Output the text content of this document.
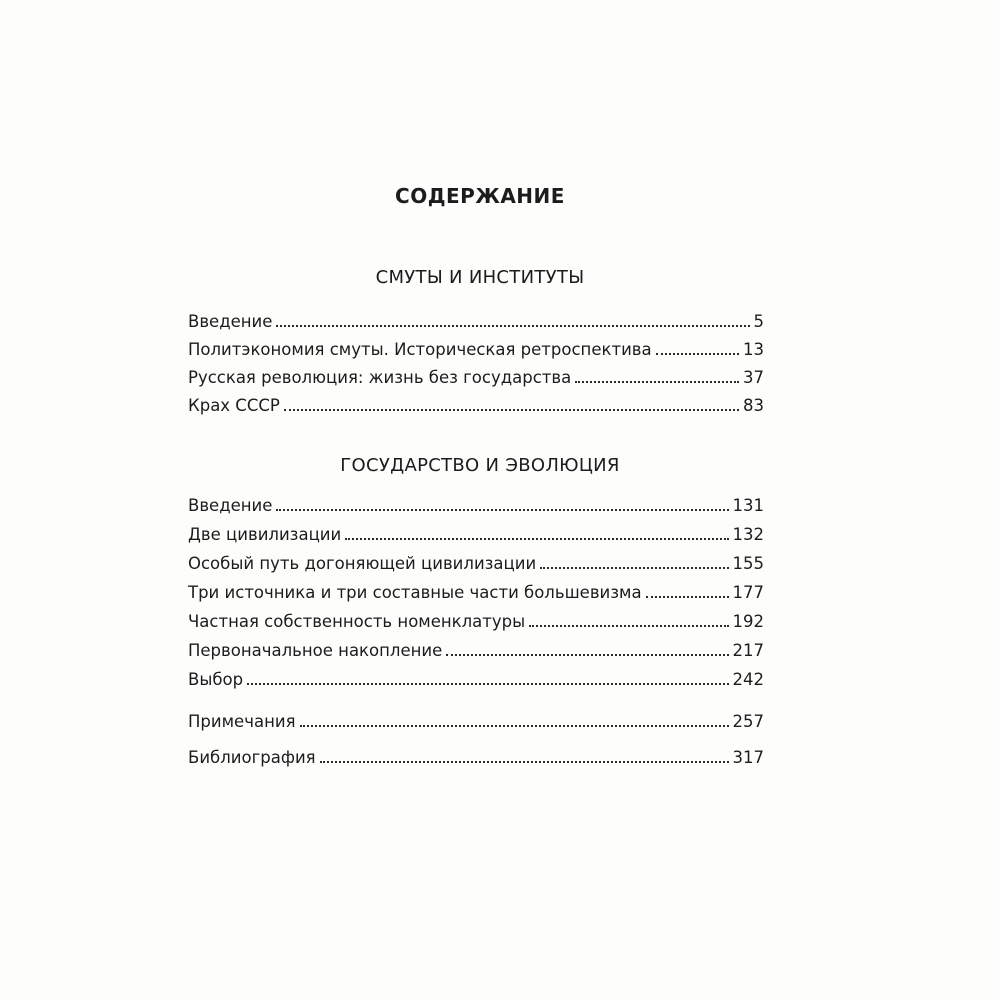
СОДЕРЖАНИЕ
СМУТЫ И ИНСТИТУТЫ
Введение	5
Политэкономия смуты. Историческая ретроспектива	13
Русская революция: жизнь без государства	37
Крах СССР	83
ГОСУДАРСТВО И ЭВОЛЮЦИЯ
Введение	131
Две цивилизации	132
Особый путь догоняющей цивилизации	155
Три источника и три составные части большевизма	177
Частная собственность номенклатуры	192
Первоначальное накопление	217
Выбор	242
Примечания	257
Библиография	317
